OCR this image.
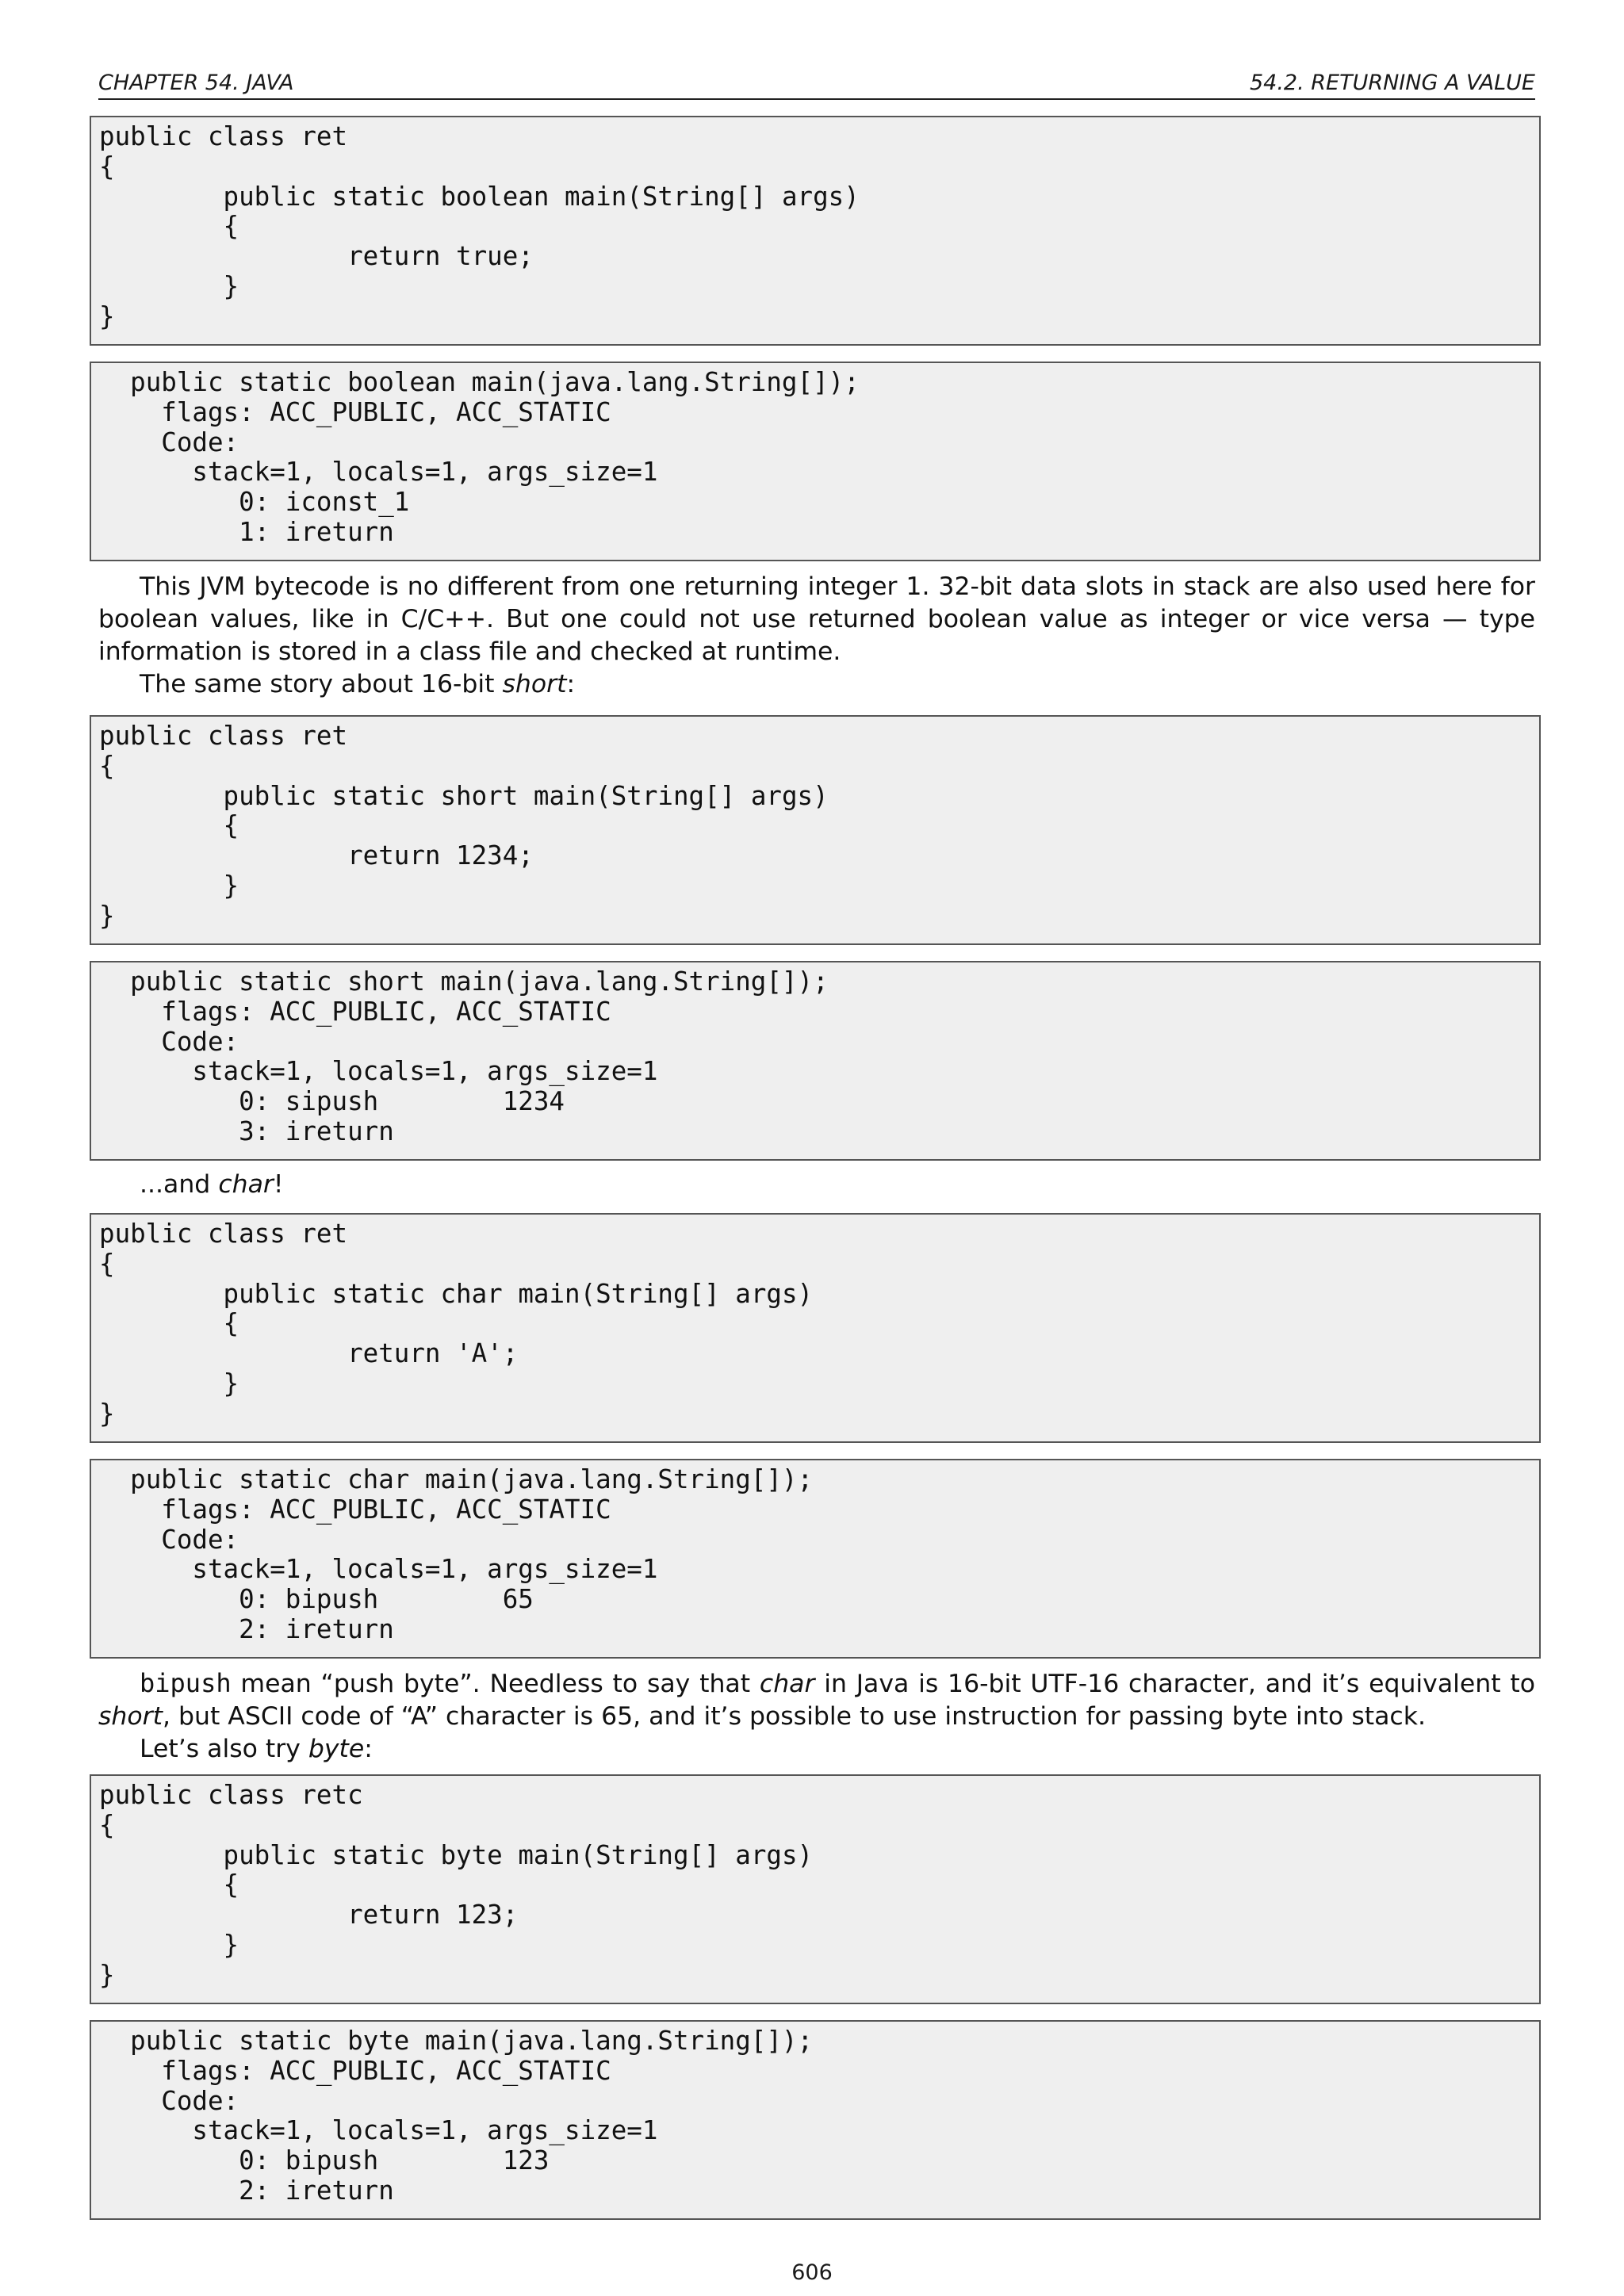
CHAPTER 54. JAVA	54.2. RETURNING A VALUE
public class ret
{
	public static boolean main(String[] args)
	{
		return true;
	}
}
public static boolean main(java.lang.String[]);
flags: ACC_PUBLIC, ACC_STATIC
Code:
stack=1, locals=1, args_size=1
0: iconst_1
1: ireturn

This JVM bytecode is no different from one returning integer 1. 32-bit data slots in stack are also used here for boolean values, like in C/C++. But one could not use returned boolean value as integer or vice versa — type information is stored in a class file and checked at runtime.

The same story about 16-bit short:

public class ret
{
	public static short main(String[] args)
	{
		return 1234;
	}
}
public static short main(java.lang.String[]);
flags: ACC_PUBLIC, ACC_STATIC
Code:
stack=1, locals=1, args_size=1
0: sipush        1234
3: ireturn

...and char!

public class ret
{
	public static char main(String[] args)
	{
		return 'A';
	}
}
public static char main(java.lang.String[]);
flags: ACC_PUBLIC, ACC_STATIC
Code:
stack=1, locals=1, args_size=1
0: bipush        65
2: ireturn

bipush mean “push byte”. Needless to say that char in Java is 16-bit UTF-16 character, and it’s equivalent to short, but ASCII code of “A” character is 65, and it’s possible to use instruction for passing byte into stack.

Let’s also try byte:

public class retc
{
	public static byte main(String[] args)
	{
		return 123;
	}
}
public static byte main(java.lang.String[]);
flags: ACC_PUBLIC, ACC_STATIC
Code:
stack=1, locals=1, args_size=1
0: bipush        123
2: ireturn
606
